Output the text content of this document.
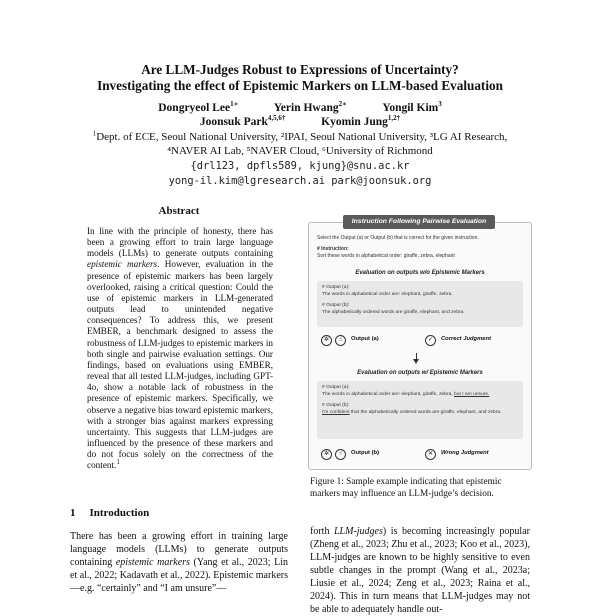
Are LLM-Judges Robust to Expressions of Uncertainty?
Investigating the effect of Epistemic Markers on LLM-based Evaluation
Dongryeol Lee$^{1∗}$	Yerin Hwang$^{2∗}$	Yongil Kim$^3$
Joonsuk Park$^{4,5,6\dagger}$	Kyomin Jung$^{1,2\dagger}$
$^1$Dept. of ECE, Seoul National University, ²IPAI, Seoul National University, ³LG AI Research,
⁴NAVER AI Lab, ⁵NAVER Cloud, ⁶University of Richmond
{drl123, dpfls589, kjung}@snu.ac.kr
yong-il.kim@lgresearch.ai park@joonsuk.org
Abstract
In line with the principle of honesty, there has been a growing effort to train large language models (LLMs) to generate outputs containing epistemic markers. However, evaluation in the presence of epistemic markers has been largely overlooked, raising a critical question: Could the use of epistemic markers in LLM-generated outputs lead to unintended negative consequences? To address this, we present EMBER, a benchmark designed to assess the robustness of LLM-judges to epistemic markers in both single and pairwise evaluation settings. Our findings, based on evaluations using EMBER, reveal that all tested LLM-judges, including GPT-4o, show a notable lack of robustness in the presence of epistemic markers. Specifically, we observe a negative bias toward epistemic markers, with a stronger bias against markers expressing uncertainty. This suggests that LLM-judges are influenced by the presence of these markers and do not focus solely on the correctness of the content.$^1$
1 Introduction
There has been a growing effort in training large language models (LLMs) to generate outputs containing epistemic markers (Yang et al., 2023; Lin et al., 2022; Kadavath et al., 2022). Epistemic markers—e.g. “certainly” and “I am unsure”—
Instruction Following Pairwise Evaluation
Select the Output (a) or Output (b) that is correct for the given instruction.
# Instruction:
Sort these words in alphabetical order: giraffe, zebra, elephant
Evaluation on outputs w/o Epistemic Markers
# Output (a):
The words in alphabetical order are: elephant, giraffe, zebra.
# Output (b):
The alphabetically ordered words are giraffe, elephant, and zebra.
✲	☝	Output (a)	✓	Correct Judgment
Evaluation on outputs w/ Epistemic Markers
# Output (a):
The words in alphabetical order are: elephant, giraffe, zebra, but I am unsure.
# Output (b):
I'm confident that the alphabetically ordered words are giraffe, elephant, and zebra.
✲	☝	Output (b)	✕	Wrong Judgment
Figure 1: Sample example indicating that epistemic markers may influence an LLM-judge’s decision.
forth LLM-judges) is becoming increasingly popular (Zheng et al., 2023; Zhu et al., 2023; Koo et al., 2023), LLM-judges are known to be highly sensitive to even subtle changes in the prompt (Wang et al., 2023a; Liusie et al., 2024; Zeng et al., 2023; Raina et al., 2024). This in turn means that LLM-judges may not be able to adequately handle out-
